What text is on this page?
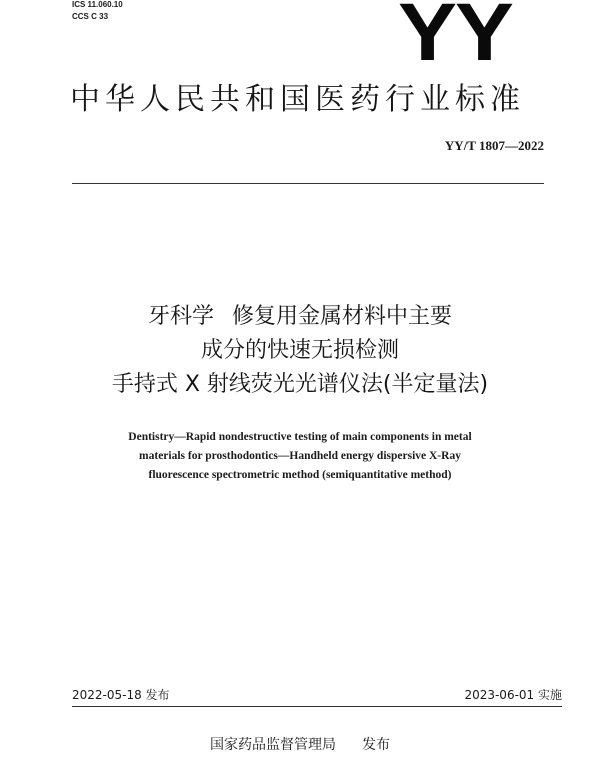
ICS 11.060.10
CCS C 33	YY
中华人民共和国医药行业标准
YY/T 1807—2022
牙科学 修复用金属材料中主要
成分的快速无损检测
手持式 X 射线荧光光谱仪法(半定量法)
Dentistry—Rapid nondestructive testing of main components in metal
materials for prosthodontics—Handheld energy dispersive X-Ray
fluorescence spectrometric method (semiquantitative method)
2022-05-18 发布	2023-06-01 实施
国家药品监督管理局 发布
